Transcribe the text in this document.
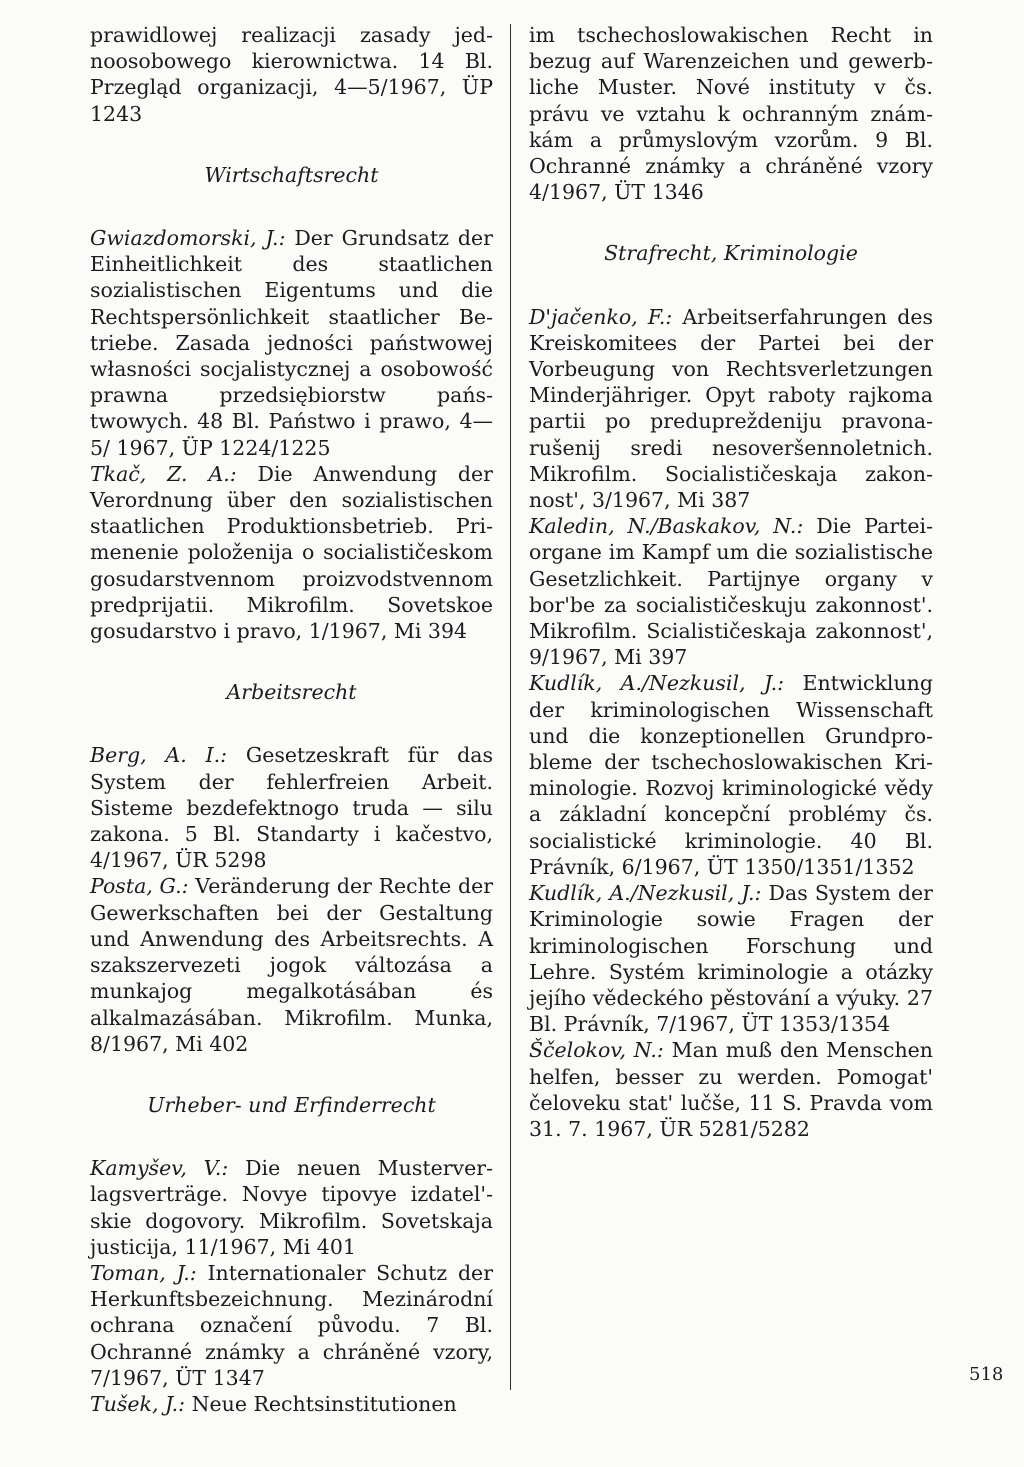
prawidlowej realizacji zasady jednoosobowego kierownictwa. 14 Bl. Przegląd organizacji, 4—5/1967, ÜP 1243

Wirtschaftsrecht

Gwiazdomorski, J.: Der Grundsatz der Einheitlichkeit des staatlichen sozialistischen Eigentums und die Rechtspersönlichkeit staatlicher Betriebe. Zasada jedności państwowej własności socjalistycznej a osobowość prawna przedsiębiorstw państwowych. 48 Bl. Państwo i prawo, 4—5/ 1967, ÜP 1224/1225

Tkač, Z. A.: Die Anwendung der Verordnung über den sozialistischen staatlichen Produktionsbetrieb. Primenenie položenija o socialističeskom gosudarstvennom proizvodstvennom predprijatii. Mikrofilm. Sovetskoe gosudarstvo i pravo, 1/1967, Mi 394

Arbeitsrecht

Berg, A. I.: Gesetzeskraft für das System der fehlerfreien Arbeit. Sisteme bezdefektnogo truda — silu zakona. 5 Bl. Standarty i kačestvo, 4/1967, ÜR 5298

Posta, G.: Veränderung der Rechte der Gewerkschaften bei der Gestaltung und Anwendung des Arbeitsrechts. A szakszervezeti jogok változása a munkajog megalkotásában és alkalmazásában. Mikrofilm. Munka, 8/1967, Mi 402

Urheber- und Erfinderrecht

Kamyšev, V.: Die neuen Musterverlagsverträge. Novye tipovye izdatel'skie dogovory. Mikrofilm. Sovetskaja justicija, 11/1967, Mi 401

Toman, J.: Internationaler Schutz der Herkunftsbezeichnung. Mezinárodní ochrana označení původu. 7 Bl. Ochranné známky a chráněné vzory, 7/1967, ÜT 1347

Tušek, J.: Neue Rechtsinstitutionen

im tschechoslowakischen Recht in bezug auf Warenzeichen und gewerbliche Muster. Nové instituty v čs. právu ve vztahu k ochranným známkám a průmyslovým vzorům. 9 Bl. Ochranné známky a chráněné vzory 4/1967, ÜT 1346

Strafrecht, Kriminologie

D'jačenko, F.: Arbeitserfahrungen des Kreiskomitees der Partei bei der Vorbeugung von Rechtsverletzungen Minderjähriger. Opyt raboty rajkoma partii po predupreždeniju pravonarušenij sredi nesoveršennoletnich. Mikrofilm. Socialističeskaja zakonnost', 3/1967, Mi 387

Kaledin, N./Baskakov, N.: Die Parteiorgane im Kampf um die sozialistische Gesetzlichkeit. Partijnye organy v bor'be za socialističeskuju zakonnost'. Mikrofilm. Scialističeskaja zakonnost', 9/1967, Mi 397

Kudlík, A./Nezkusil, J.: Entwicklung der kriminologischen Wissenschaft und die konzeptionellen Grundprobleme der tschechoslowakischen Kriminologie. Rozvoj kriminologické vědy a základní koncepční problémy čs. socialistické kriminologie. 40 Bl. Právník, 6/1967, ÜT 1350/1351/1352

Kudlík, A./Nezkusil, J.: Das System der Kriminologie sowie Fragen der kriminologischen Forschung und Lehre. Systém kriminologie a otázky jejího vědeckého pěstování a výuky. 27 Bl. Právník, 7/1967, ÜT 1353/1354

Ščelokov, N.: Man muß den Menschen helfen, besser zu werden. Pomogat' čeloveku stat' lučše, 11 S. Pravda vom 31. 7. 1967, ÜR 5281/5282

518
